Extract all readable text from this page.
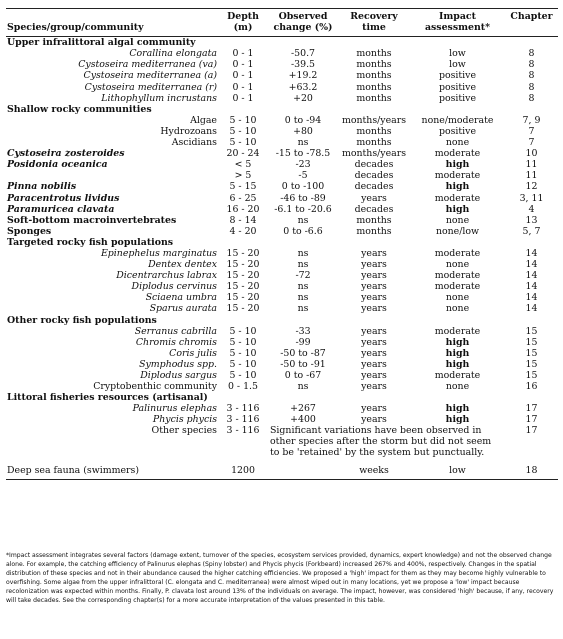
Species/group/community	Depth (m)	Observed change (%)	Recovery time	Impact assessment*	Chapter
Upper infralittoral algal community					
Corallina elongata	0 - 1	-50.7	months	low	8
Cystoseira mediterranea (va)	0 - 1	-39.5	months	low	8
Cystoseira mediterranea (a)	0 - 1	+19.2	months	positive	8
Cystoseira mediterranea (r)	0 - 1	+63.2	months	positive	8
Lithophyllum incrustans	0 - 1	+20	months	positive	8
Shallow rocky communities					
Algae	5 - 10	0 to -94	months/years	none/moderate	7, 9
Hydrozoans	5 - 10	+80	months	positive	7
Ascidians	5 - 10	ns	months	none	7
Cystoseira zosteroides	20 - 24	-15 to -78.5	months/years	moderate	10
Posidonia oceanica	< 5	-23	decades	high	11
	> 5	-5	decades	moderate	11
Pinna nobilis	5 - 15	0 to -100	decades	high	12
Paracentrotus lividus	6 - 25	-46 to -89	years	moderate	3, 11
Paramuricea clavata	16 - 20	-6.1 to -20.6	decades	high	4
Soft-bottom macroinvertebrates	8 - 14	ns	months	none	13
Sponges	4 - 20	0 to -6.6	months	none/low	5, 7
Targeted rocky fish populations					
Epinephelus marginatus	15 - 20	ns	years	moderate	14
Dentex dentex	15 - 20	ns	years	none	14
Dicentrarchus labrax	15 - 20	-72	years	moderate	14
Diplodus cervinus	15 - 20	ns	years	moderate	14
Sciaena umbra	15 - 20	ns	years	none	14
Sparus aurata	15 - 20	ns	years	none	14
Other rocky fish populations					
Serranus cabrilla	5 - 10	-33	years	moderate	15
Chromis chromis	5 - 10	-99	years	high	15
Coris julis	5 - 10	-50 to -87	years	high	15
Symphodus spp.	5 - 10	-50 to -91	years	high	15
Diplodus sargus	5 - 10	0 to -67	years	moderate	15
Cryptobenthic community	0 - 1.5	ns	years	none	16
Littoral fisheries resources (artisanal)					
Palinurus elephas	3 - 116	+267	years	high	17
Phycis phycis	3 - 116	+400	years	high	17
Other species	3 - 116	Significant variations have been observed in other species after the storm but did not seem to be 'retained' by the system but punctually.			17

Deep sea fauna (swimmers)	1200		weeks	low	18

*Impact assessment integrates several factors (damage extent, turnover of the species, ecosystem services provided, dynamics, expert knowledge) and not the observed change alone. For example, the catching efficiency of Palinurus elephas (Spiny lobster) and Phycis phycis (Forkbeard) increased 267% and 400%, respectively. Changes in the spatial distribution of these species and not in their abundance caused the higher catching efficiencies. We proposed a 'high' impact for them as they may become highly vulnerable to overfishing. Some algae from the upper infralittoral (C. elongata and C. mediterranea) were almost wiped out in many locations, yet we propose a 'low' impact because recolonization was expected within months. Finally, P. clavata lost around 13% of the individuals on average. The impact, however, was considered 'high' because, if any, recovery will take decades. See the corresponding chapter(s) for a more accurate interpretation of the values presented in this table.
